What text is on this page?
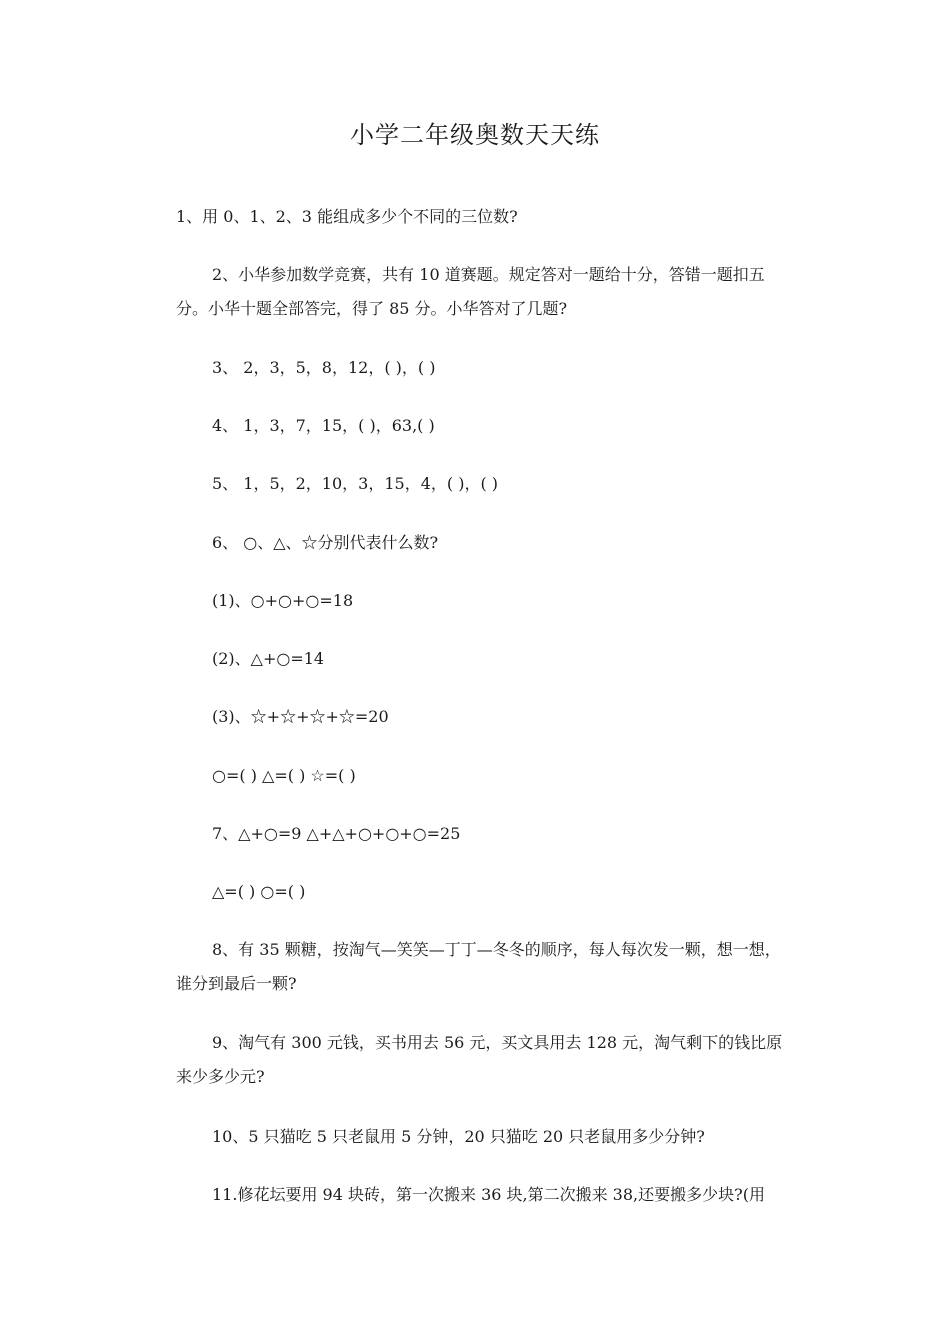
小学二年级奥数天天练
1、用 0、1、2、3 能组成多少个不同的三位数?
2、小华参加数学竞赛，共有 10 道赛题。规定答对一题给十分，答错一题扣五
分。小华十题全部答完，得了 85 分。小华答对了几题?
3、 2，3，5，8，12，( )，( )
4、 1，3，7，15，( )，63,( )
5、 1，5，2，10，3，15，4，( )，( )
6、 ○、△、☆分别代表什么数?
(1)、○+○+○=18
(2)、△+○=14
(3)、☆+☆+☆+☆=20
○=( ) △=( ) ☆=( )
7、△+○=9 △+△+○+○+○=25
△=( ) ○=( )
8、有 35 颗糖，按淘气—笑笑—丁丁—冬冬的顺序，每人每次发一颗，想一想，
谁分到最后一颗?
9、淘气有 300 元钱，买书用去 56 元，买文具用去 128 元，淘气剩下的钱比原
来少多少元?
10、5 只猫吃 5 只老鼠用 5 分钟，20 只猫吃 20 只老鼠用多少分钟?
11.修花坛要用 94 块砖，第一次搬来 36 块,第二次搬来 38,还要搬多少块?(用
